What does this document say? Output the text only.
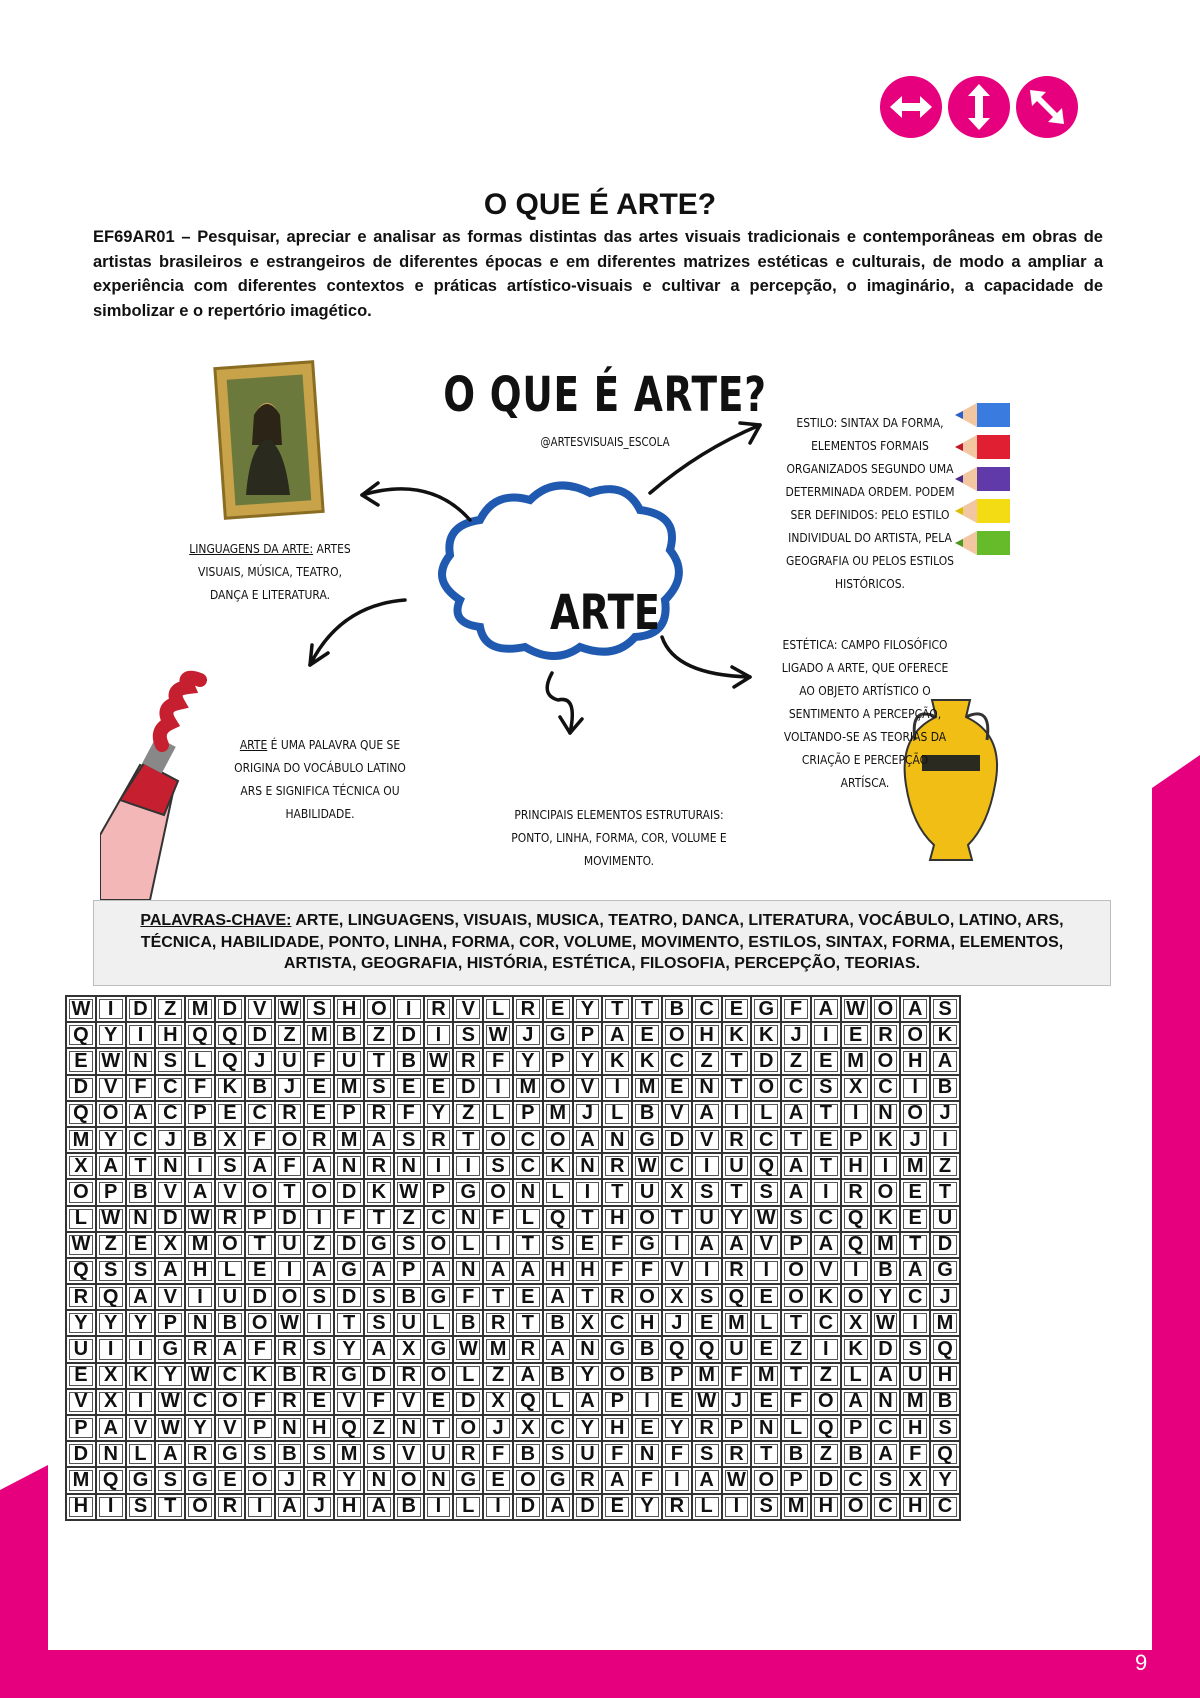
O QUE É ARTE?

EF69AR01 – Pesquisar, apreciar e analisar as formas distintas das artes visuais tradicionais e contemporâneas em obras de artistas brasileiros e estrangeiros de diferentes épocas e em diferentes matrizes estéticas e culturais, de modo a ampliar a experiência com diferentes contextos e práticas artístico-visuais e cultivar a percepção, o imaginário, a capacidade de simbolizar e o repertório imagético.

O QUE É ARTE?
@ARTESVISUAIS_ESCOLA
ARTE
LINGUAGENS DA ARTE: ARTES VISUAIS, MÚSICA, TEATRO, DANÇA E LITERATURA.
ARTE É UMA PALAVRA QUE SE ORIGINA DO VOCÁBULO LATINO ARS E SIGNIFICA TÉCNICA OU HABILIDADE.	PRINCIPAIS ELEMENTOS ESTRUTURAIS: PONTO, LINHA, FORMA, COR, VOLUME E MOVIMENTO.
ESTILO: SINTAX DA FORMA, ELEMENTOS FORMAIS ORGANIZADOS SEGUNDO UMA DETERMINADA ORDEM. PODEM SER DEFINIDOS: PELO ESTILO INDIVIDUAL DO ARTISTA, PELA GEOGRAFIA OU PELOS ESTILOS HISTÓRICOS.
ESTÉTICA: CAMPO FILOSÓFICO LIGADO A ARTE, QUE OFERECE AO OBJETO ARTÍSTICO O SENTIMENTO A PERCEPÇÃO, VOLTANDO-SE AS TEORIAS DA CRIAÇÃO E PERCEPÇÃO ARTÍSCA.
PALAVRAS-CHAVE: ARTE, LINGUAGENS, VISUAIS, MUSICA, TEATRO, DANCA, LITERATURA, VOCÁBULO, LATINO, ARS, TÉCNICA, HABILIDADE, PONTO, LINHA, FORMA, COR, VOLUME, MOVIMENTO, ESTILOS, SINTAX, FORMA, ELEMENTOS, ARTISTA, GEOGRAFIA, HISTÓRIA, ESTÉTICA, FILOSOFIA, PERCEPÇÃO, TEORIAS.
W	I	D	Z	M	D	V	W	S	H	O	I	R	V	L	R	E	Y	T	T	B	C	E	G	F	A	W	O	A	S
Q	Y	I	H	Q	Q	D	Z	M	B	Z	D	I	S	W	J	G	P	A	E	O	H	K	K	J	I	E	R	O	K
E	W	N	S	L	Q	J	U	F	U	T	B	W	R	F	Y	P	Y	K	K	C	Z	T	D	Z	E	M	O	H	A
D	V	F	C	F	K	B	J	E	M	S	E	E	D	I	M	O	V	I	M	E	N	T	O	C	S	X	C	I	B
Q	O	A	C	P	E	C	R	E	P	R	F	Y	Z	L	P	M	J	L	B	V	A	I	L	A	T	I	N	O	J
M	Y	C	J	B	X	F	O	R	M	A	S	R	T	O	C	O	A	N	G	D	V	R	C	T	E	P	K	J	I
X	A	T	N	I	S	A	F	A	N	R	N	I	I	S	C	K	N	R	W	C	I	U	Q	A	T	H	I	M	Z
O	P	B	V	A	V	O	T	O	D	K	W	P	G	O	N	L	I	T	U	X	S	T	S	A	I	R	O	E	T
L	W	N	D	W	R	P	D	I	F	T	Z	C	N	F	L	Q	T	H	O	T	U	Y	W	S	C	Q	K	E	U
W	Z	E	X	M	O	T	U	Z	D	G	S	O	L	I	T	S	E	F	G	I	A	A	V	P	A	Q	M	T	D
Q	S	S	A	H	L	E	I	A	G	A	P	A	N	A	A	H	H	F	F	V	I	R	I	O	V	I	B	A	G
R	Q	A	V	I	U	D	O	S	D	S	B	G	F	T	E	A	T	R	O	X	S	Q	E	O	K	O	Y	C	J
Y	Y	Y	P	N	B	O	W	I	T	S	U	L	B	R	T	B	X	C	H	J	E	M	L	T	C	X	W	I	M
U	I	I	G	R	A	F	R	S	Y	A	X	G	W	M	R	A	N	G	B	Q	Q	U	E	Z	I	K	D	S	Q
E	X	K	Y	W	C	K	B	R	G	D	R	O	L	Z	A	B	Y	O	B	P	M	F	M	T	Z	L	A	U	H
V	X	I	W	C	O	F	R	E	V	F	V	E	D	X	Q	L	A	P	I	E	W	J	E	F	O	A	N	M	B
P	A	V	W	Y	V	P	N	H	Q	Z	N	T	O	J	X	C	Y	H	E	Y	R	P	N	L	Q	P	C	H	S
D	N	L	A	R	G	S	B	S	M	S	V	U	R	F	B	S	U	F	N	F	S	R	T	B	Z	B	A	F	Q
M	Q	G	S	G	E	O	J	R	Y	N	O	N	G	E	O	G	R	A	F	I	A	W	O	P	D	C	S	X	Y
H	I	S	T	O	R	I	A	J	H	A	B	I	L	I	D	A	D	E	Y	R	L	I	S	M	H	O	C	H	C
9
